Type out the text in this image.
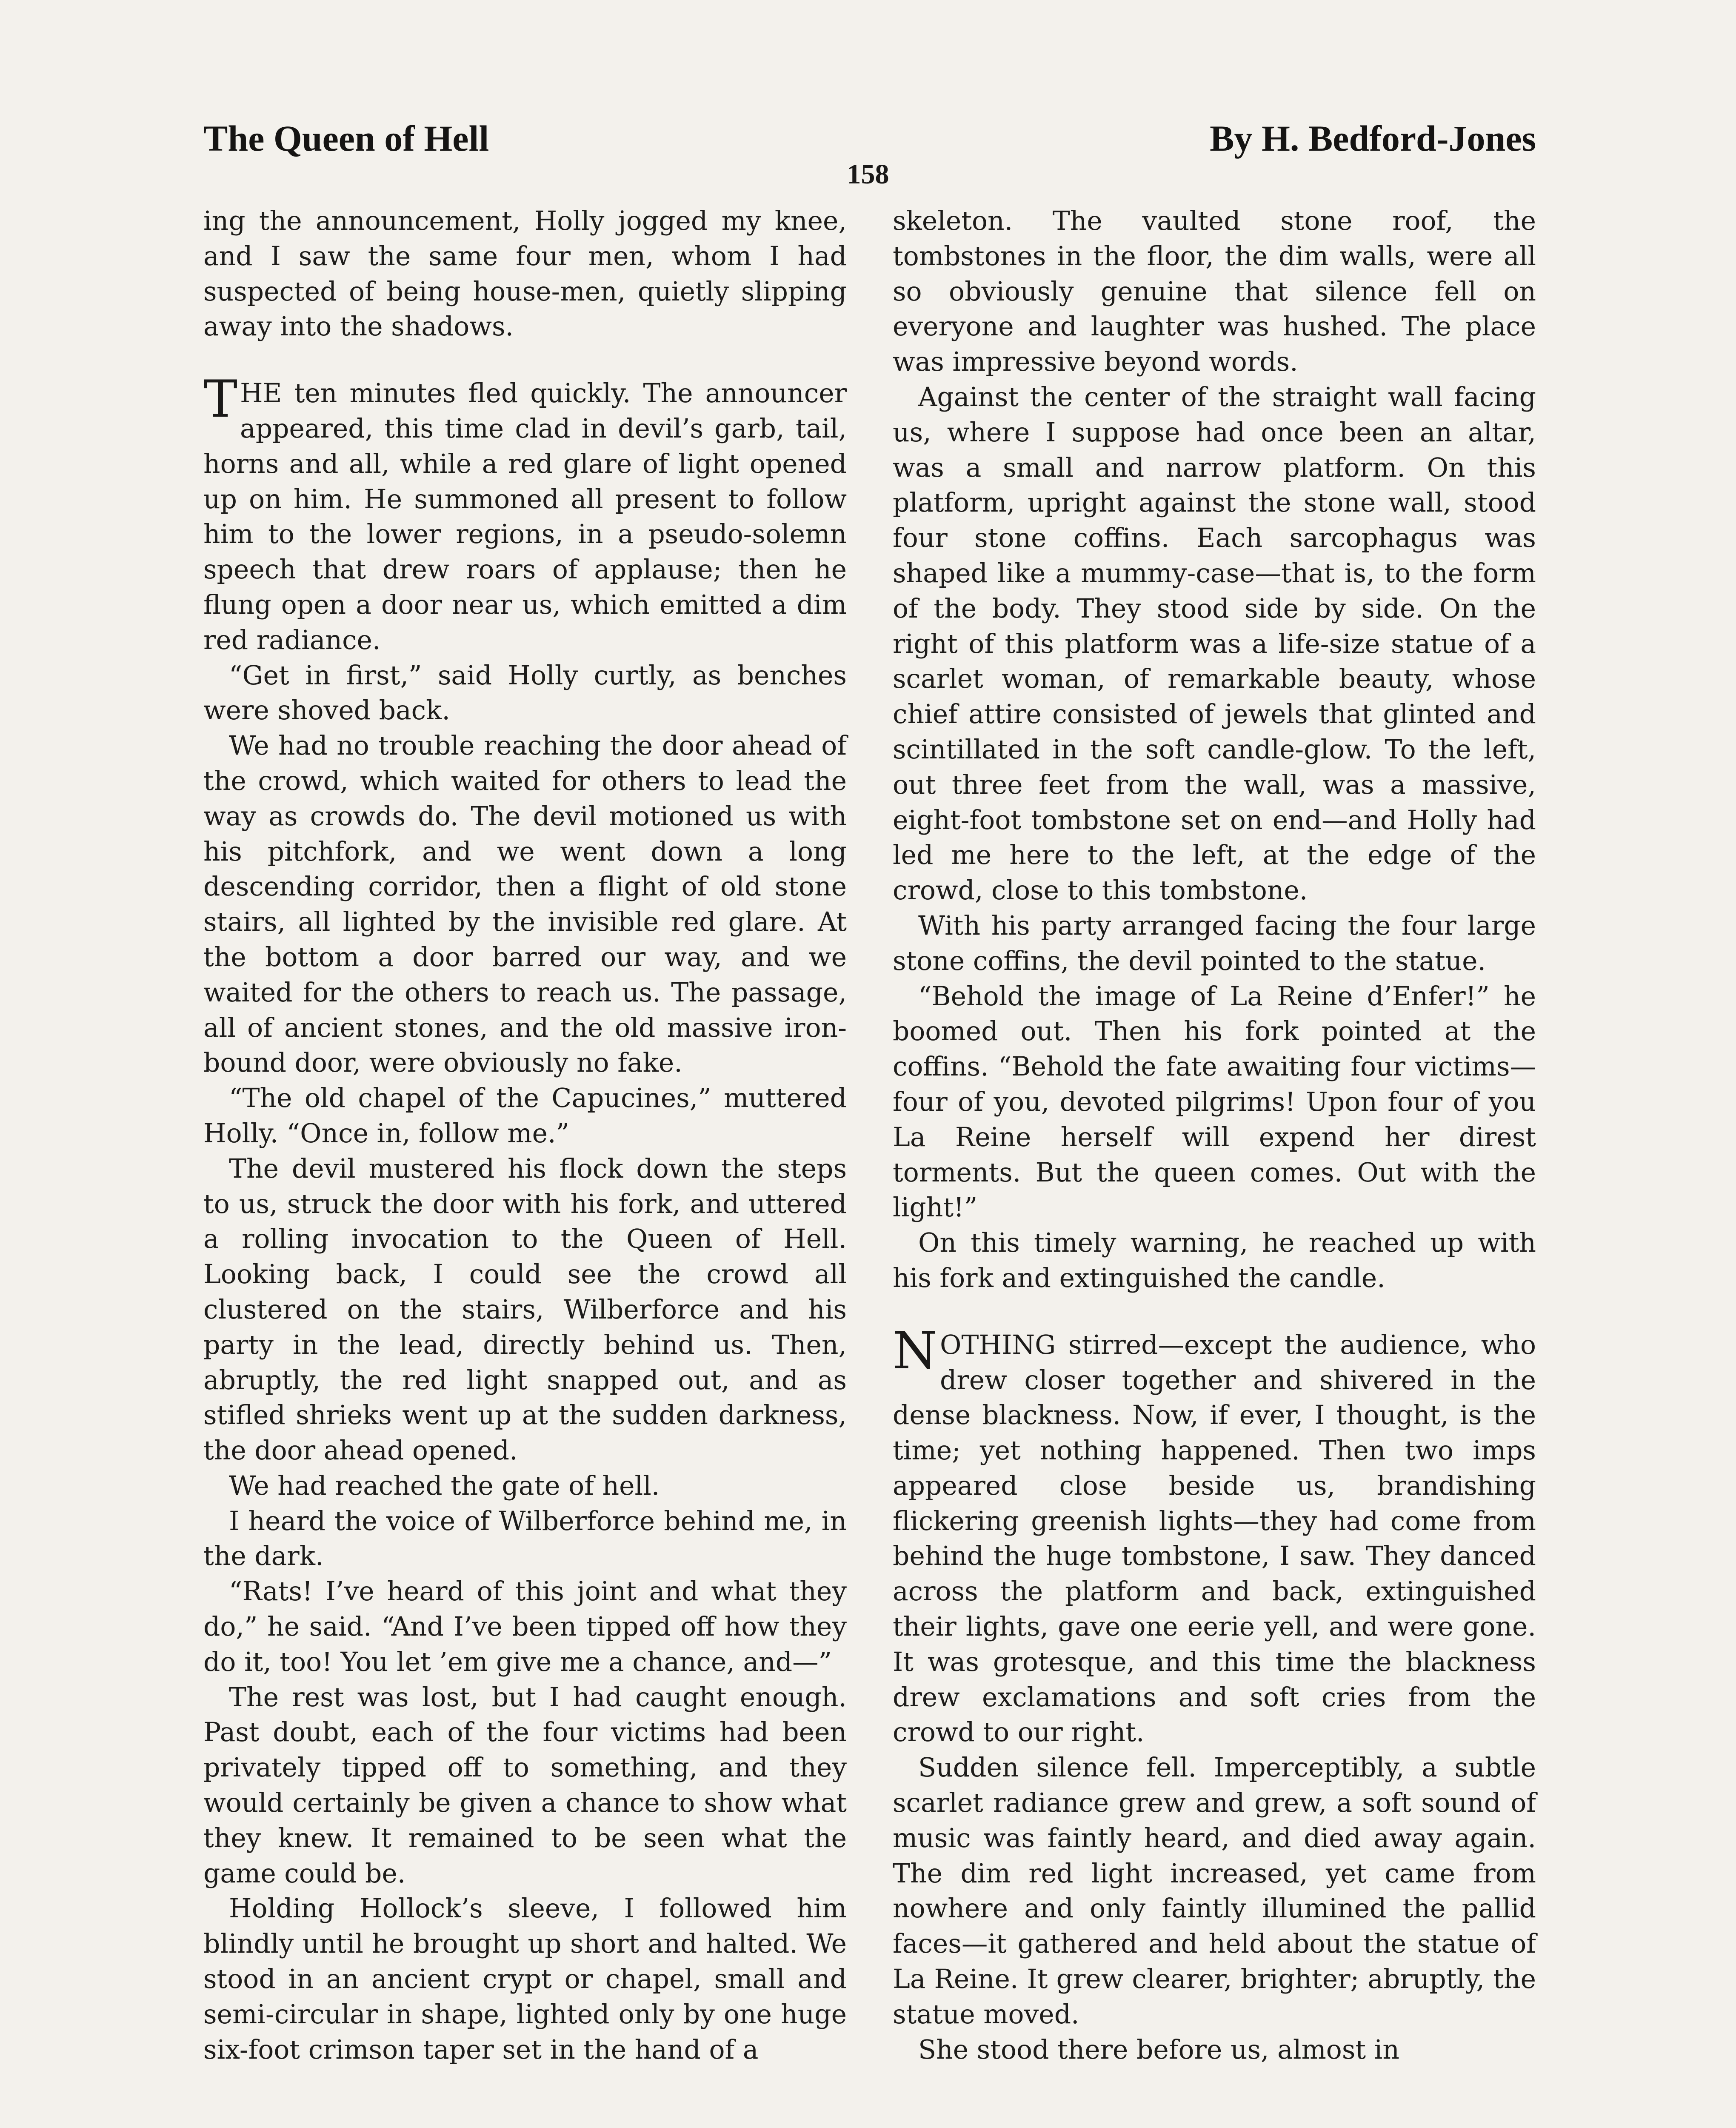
The Queen of Hell	By H. Bedford-Jones
158

ing the announcement, Holly jogged my knee, and I saw the same four men, whom I had suspected of being house-men, quietly slipping away into the shadows.

THE ten minutes fled quickly. The announcer appeared, this time clad in devil’s garb, tail, horns and all, while a red glare of light opened up on him. He summoned all present to follow him to the lower regions, in a pseudo-solemn speech that drew roars of applause; then he flung open a door near us, which emitted a dim red radiance.

“Get in first,” said Holly curtly, as benches were shoved back.

We had no trouble reaching the door ahead of the crowd, which waited for others to lead the way as crowds do. The devil motioned us with his pitchfork, and we went down a long descending corridor, then a flight of old stone stairs, all lighted by the invisible red glare. At the bottom a door barred our way, and we waited for the others to reach us. The passage, all of ancient stones, and the old massive iron-bound door, were obviously no fake.

“The old chapel of the Capucines,” muttered Holly. “Once in, follow me.”

The devil mustered his flock down the steps to us, struck the door with his fork, and uttered a rolling invocation to the Queen of Hell. Looking back, I could see the crowd all clustered on the stairs, Wilberforce and his party in the lead, directly behind us. Then, abruptly, the red light snapped out, and as stifled shrieks went up at the sudden darkness, the door ahead opened.

We had reached the gate of hell.

I heard the voice of Wilberforce behind me, in the dark.

“Rats! I’ve heard of this joint and what they do,” he said. “And I’ve been tipped off how they do it, too! You let ’em give me a chance, and—”

The rest was lost, but I had caught enough. Past doubt, each of the four victims had been privately tipped off to something, and they would certainly be given a chance to show what they knew. It remained to be seen what the game could be.

Holding Hollock’s sleeve, I followed him blindly until he brought up short and halted. We stood in an ancient crypt or chapel, small and semi-circular in shape, lighted only by one huge six-foot crimson taper set in the hand of a

skeleton. The vaulted stone roof, the tombstones in the floor, the dim walls, were all so obviously genuine that silence fell on everyone and laughter was hushed. The place was impressive beyond words.

Against the center of the straight wall facing us, where I suppose had once been an altar, was a small and narrow platform. On this platform, upright against the stone wall, stood four stone coffins. Each sarcophagus was shaped like a mummy-case—that is, to the form of the body. They stood side by side. On the right of this platform was a life-size statue of a scarlet woman, of remarkable beauty, whose chief attire consisted of jewels that glinted and scintillated in the soft candle-glow. To the left, out three feet from the wall, was a massive, eight-foot tombstone set on end—and Holly had led me here to the left, at the edge of the crowd, close to this tombstone.

With his party arranged facing the four large stone coffins, the devil pointed to the statue.

“Behold the image of La Reine d’Enfer!” he boomed out. Then his fork pointed at the coffins. “Behold the fate awaiting four victims—four of you, devoted pilgrims! Upon four of you La Reine herself will expend her direst torments. But the queen comes. Out with the light!”

On this timely warning, he reached up with his fork and extinguished the candle.

NOTHING stirred—except the audience, who drew closer together and shivered in the dense blackness. Now, if ever, I thought, is the time; yet nothing happened. Then two imps appeared close beside us, brandishing flickering greenish lights—they had come from behind the huge tombstone, I saw. They danced across the platform and back, extinguished their lights, gave one eerie yell, and were gone. It was grotesque, and this time the blackness drew exclamations and soft cries from the crowd to our right.

Sudden silence fell. Imperceptibly, a subtle scarlet radiance grew and grew, a soft sound of music was faintly heard, and died away again. The dim red light increased, yet came from nowhere and only faintly illumined the pallid faces—it gathered and held about the statue of La Reine. It grew clearer, brighter; abruptly, the statue moved.

She stood there before us, almost in
